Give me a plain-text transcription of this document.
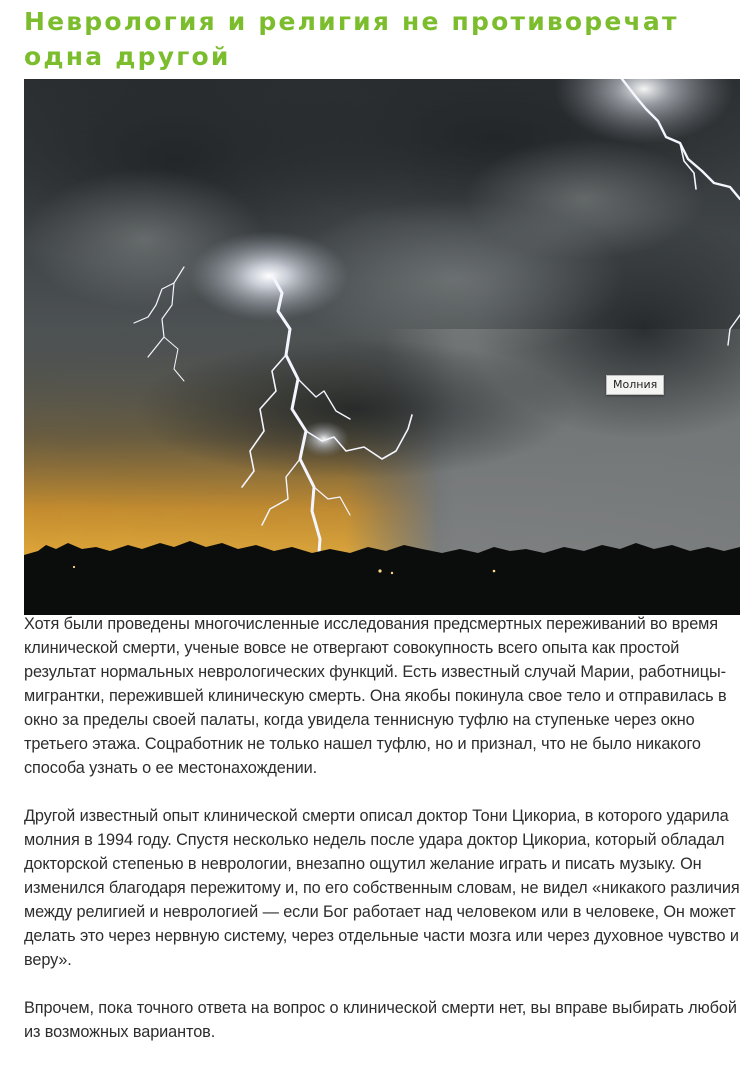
Неврология и религия не противоречат одна другой
Молния

Хотя были проведены многочисленные исследования предсмертных переживаний во время клинической смерти, ученые вовсе не отвергают совокупность всего опыта как простой результат нормальных неврологических функций. Есть известный случай Марии, работницы-мигрантки, пережившей клиническую смерть. Она якобы покинула свое тело и отправилась в окно за пределы своей палаты, когда увидела теннисную туфлю на ступеньке через окно третьего этажа. Соцработник не только нашел туфлю, но и признал, что не было никакого способа узнать о ее местонахождении.

Другой известный опыт клинической смерти описал доктор Тони Цикориа, в которого ударила молния в 1994 году. Спустя несколько недель после удара доктор Цикориа, который обладал докторской степенью в неврологии, внезапно ощутил желание играть и писать музыку. Он изменился благодаря пережитому и, по его собственным словам, не видел «никакого различия между религией и неврологией — если Бог работает над человеком или в человеке, Он может делать это через нервную систему, через отдельные части мозга или через духовное чувство и веру».

Впрочем, пока точного ответа на вопрос о клинической смерти нет, вы вправе выбирать любой из возможных вариантов.
